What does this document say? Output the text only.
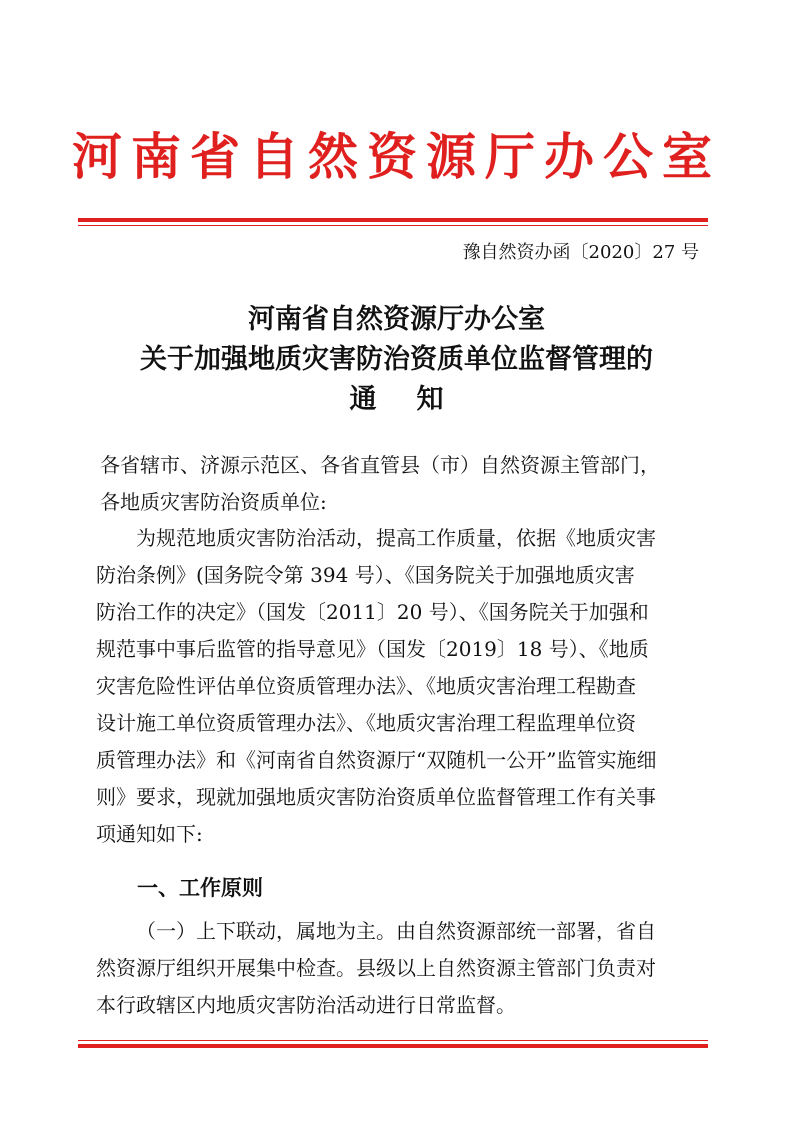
河南省自然资源厅办公室
豫自然资办函〔2020〕27 号
河南省自然资源厅办公室
关于加强地质灾害防治资质单位监督管理的
通知
各省辖市、济源示范区、各省直管县（市）自然资源主管部门，
各地质灾害防治资质单位:

为规范地质灾害防治活动，提高工作质量，依据《地质灾害

防治条例》(国务院令第 394 号）、《国务院关于加强地质灾害

防治工作的决定》（国发〔2011〕20 号）、《国务院关于加强和

规范事中事后监管的指导意见》（国发〔2019〕18 号）、《地质

灾害危险性评估单位资质管理办法》、《地质灾害治理工程勘查

设计施工单位资质管理办法》、《地质灾害治理工程监理单位资

质管理办法》和《河南省自然资源厅“双随机一公开”监管实施细

则》要求，现就加强地质灾害防治资质单位监督管理工作有关事

项通知如下:

一、工作原则

（一）上下联动，属地为主。由自然资源部统一部署，省自

然资源厅组织开展集中检查。县级以上自然资源主管部门负责对

本行政辖区内地质灾害防治活动进行日常监督。
